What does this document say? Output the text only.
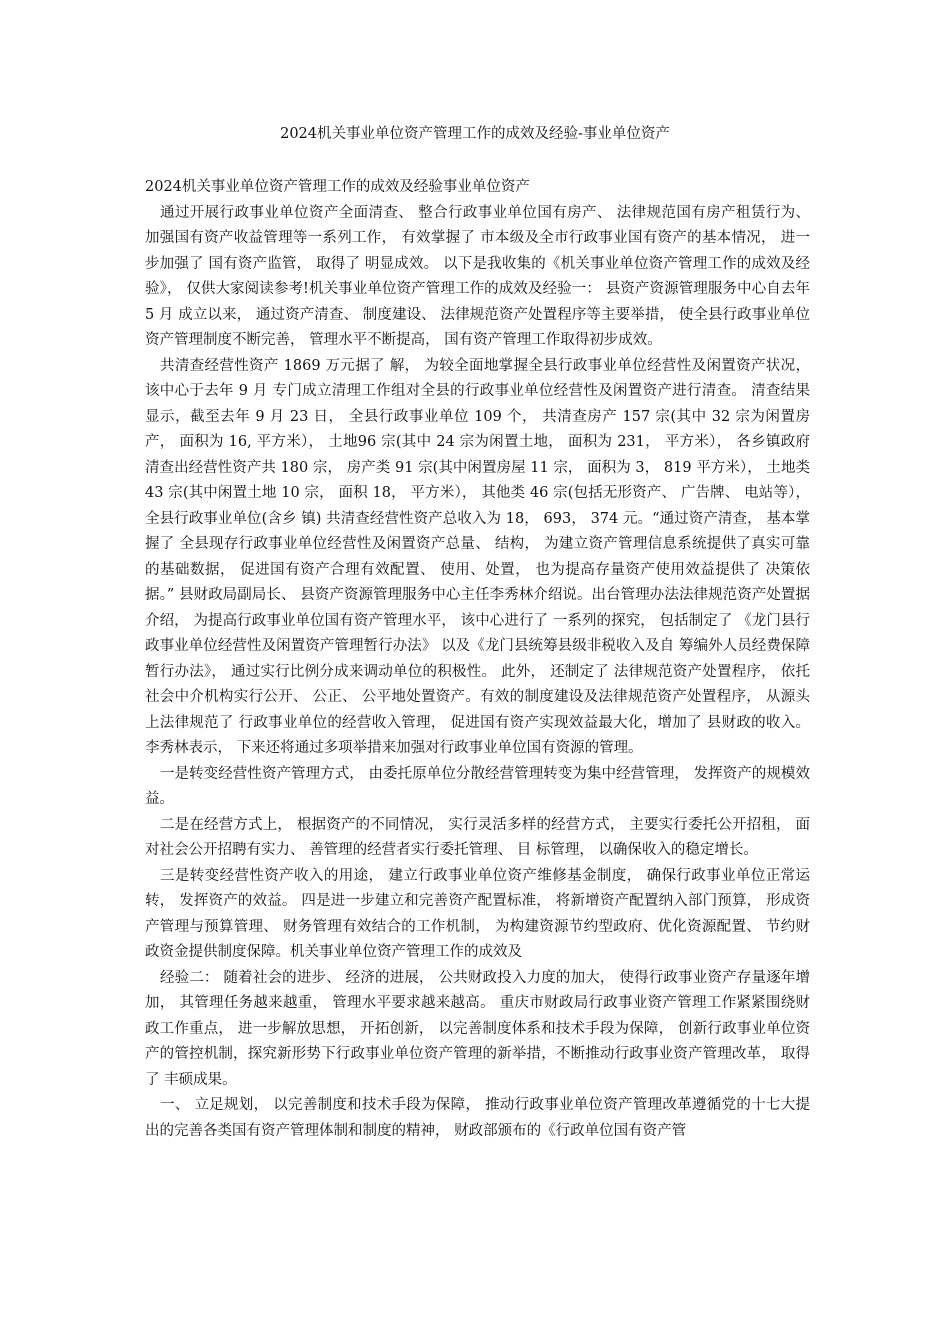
2024机关事业单位资产管理工作的成效及经验-事业单位资产

2024机关事业单位资产管理工作的成效及经验事业单位资产

通过开展行政事业单位资产全面清查、 整合行政事业单位国有房产、 法律规范国有房产租赁行为、 加强国有资产收益管理等一系列工作， 有效掌握了 市本级及全市行政事业国有资产的基本情况， 进一步加强了 国有资产监管， 取得了 明显成效。 以下是我收集的《机关事业单位资产管理工作的成效及经验》， 仅供大家阅读参考!机关事业单位资产管理工作的成效及经验一： 县资产资源管理服务中心自去年 5 月 成立以来， 通过资产清查、 制度建设、 法律规范资产处置程序等主要举措， 使全县行政事业单位资产管理制度不断完善， 管理水平不断提高， 国有资产管理工作取得初步成效。

共清查经营性资产 1869 万元据了 解， 为较全面地掌握全县行政事业单位经营性及闲置资产状况， 该中心于去年 9 月 专门成立清理工作组对全县的行政事业单位经营性及闲置资产进行清查。 清查结果显示，截至去年 9 月 23 日， 全县行政事业单位 109 个， 共清查房产 157 宗(其中 32 宗为闲置房产， 面积为 16, 平方米）， 土地96 宗(其中 24 宗为闲置土地， 面积为 231， 平方米）， 各乡镇政府清查出经营性资产共 180 宗， 房产类 91 宗(其中闲置房屋 11 宗， 面积为 3， 819 平方米）， 土地类 43 宗(其中闲置土地 10 宗， 面积 18， 平方米）， 其他类 46 宗(包括无形资产、 广告牌、 电站等）， 全县行政事业单位(含乡 镇) 共清查经营性资产总收入为 18， 693， 374 元。“通过资产清查， 基本掌握了 全县现存行政事业单位经营性及闲置资产总量、 结构， 为建立资产管理信息系统提供了真实可靠的基础数据， 促进国有资产合理有效配置、 使用、处置， 也为提高存量资产使用效益提供了 决策依据。” 县财政局副局长、 县资产资源管理服务中心主任李秀林介绍说。出台管理办法法律规范资产处置据介绍， 为提高行政事业单位国有资产管理水平， 该中心进行了 一系列的探究， 包括制定了 《龙门县行政事业单位经营性及闲置资产管理暂行办法》 以及《龙门县统筹县级非税收入及自 筹编外人员经费保障暂行办法》， 通过实行比例分成来调动单位的积极性。 此外， 还制定了 法律规范资产处置程序， 依托社会中介机构实行公开、 公正、 公平地处置资产。有效的制度建设及法律规范资产处置程序， 从源头上法律规范了 行政事业单位的经营收入管理， 促进国有资产实现效益最大化，增加了 县财政的收入。李秀林表示， 下来还将通过多项举措来加强对行政事业单位国有资源的管理。

一是转变经营性资产管理方式， 由委托原单位分散经营管理转变为集中经营管理， 发挥资产的规模效益。

二是在经营方式上， 根据资产的不同情况， 实行灵活多样的经营方式， 主要实行委托公开招租， 面对社会公开招聘有实力、 善管理的经营者实行委托管理、 目 标管理， 以确保收入的稳定增长。

三是转变经营性资产收入的用途， 建立行政事业单位资产维修基金制度， 确保行政事业单位正常运转， 发挥资产的效益。 四是进一步建立和完善资产配置标准， 将新增资产配置纳入部门预算， 形成资产管理与预算管理、 财务管理有效结合的工作机制， 为构建资源节约型政府、优化资源配置、 节约财政资金提供制度保障。机关事业单位资产管理工作的成效及

经验二： 随着社会的进步、 经济的进展， 公共财政投入力度的加大， 使得行政事业资产存量逐年增加， 其管理任务越来越重， 管理水平要求越来越高。 重庆市财政局行政事业资产管理工作紧紧围绕财政工作重点， 进一步解放思想， 开拓创新， 以完善制度体系和技术手段为保障， 创新行政事业单位资产的管控机制，探究新形势下行政事业单位资产管理的新举措，不断推动行政事业资产管理改革， 取得了 丰硕成果。

一、 立足规划， 以完善制度和技术手段为保障， 推动行政事业单位资产管理改革遵循党的十七大提出的完善各类国有资产管理体制和制度的精神， 财政部颁布的《行政单位国有资产管
